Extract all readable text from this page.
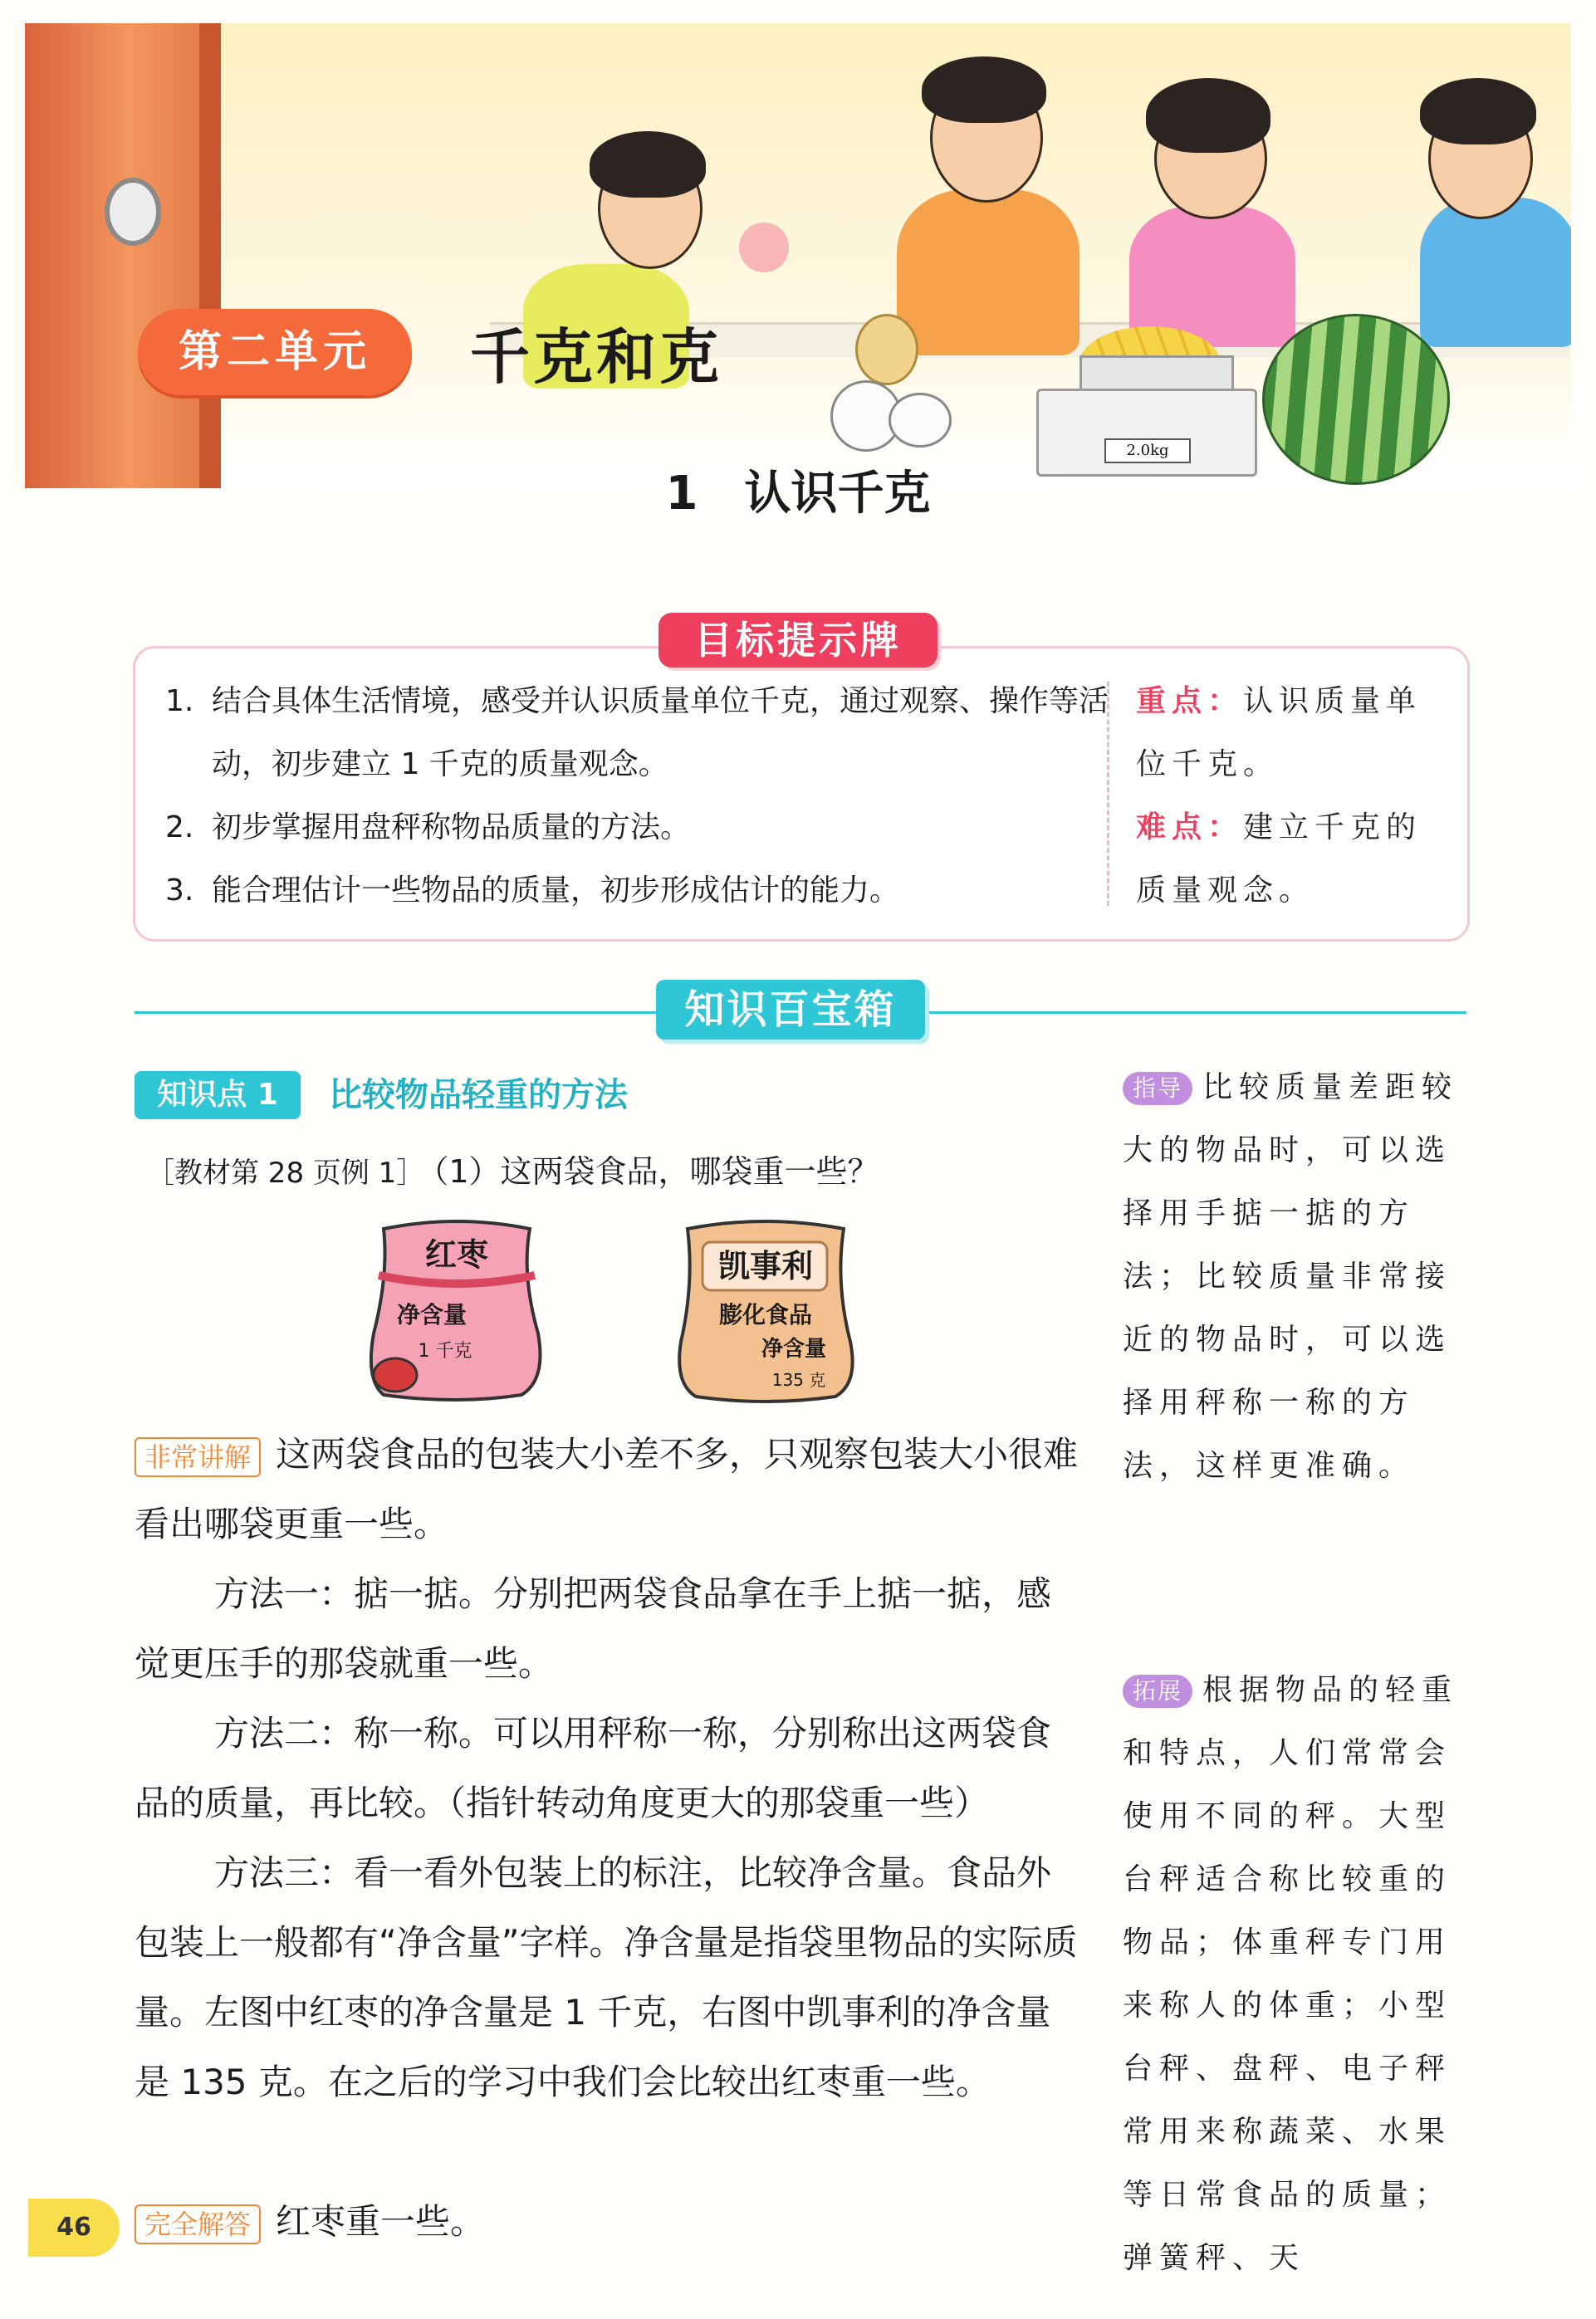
2.0kg
第二单元	千克和克
1 认识千克
1. 结合具体生活情境，感受并认识质量单位千克，通过观察、操作等活动，初步建立 1 千克的质量观念。
2. 初步掌握用盘秤称物品质量的方法。
3. 能合理估计一些物品的质量，初步形成估计的能力。
重点：认识质量单位千克。
难点：建立千克的质量观念。
目标提示牌
知识百宝箱
知识点 1	比较物品轻重的方法
［教材第 28 页例 1］ （1）这两袋食品，哪袋重一些？
红枣
净含量
1 千克
凯事利
膨化食品
净含量
135 克
非常讲解 这两袋食品的包装大小差不多，只观察包装大小很难看出哪袋更重一些。
方法一：掂一掂。分别把两袋食品拿在手上掂一掂，感觉更压手的那袋就重一些。
方法二：称一称。可以用秤称一称，分别称出这两袋食品的质量，再比较。（指针转动角度更大的那袋重一些）
方法三：看一看外包装上的标注，比较净含量。食品外包装上一般都有“净含量”字样。净含量是指袋里物品的实际质量。左图中红枣的净含量是 1 千克，右图中凯事利的净含量是 135 克。在之后的学习中我们会比较出红枣重一些。
完全解答 红枣重一些。
指导 比较质量差距较大的物品时，可以选择用手掂一掂的方法；比较质量非常接近的物品时，可以选择用秤称一称的方法，这样更准确。
拓展 根据物品的轻重和特点，人们常常会使用不同的秤。大型台秤适合称比较重的物品；体重秤专门用来称人的体重；小型台秤、盘秤、电子秤常用来称蔬菜、水果等日常食品的质量；弹簧秤、天
46
